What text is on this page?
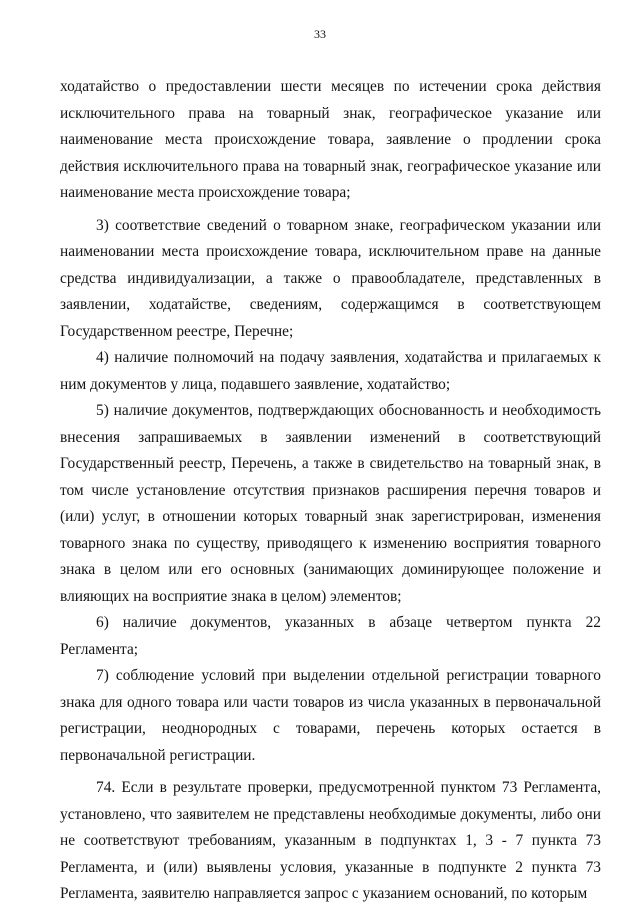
33

ходатайство о предоставлении шести месяцев по истечении срока действия исключительного права на товарный знак, географическое указание или наименование места происхождение товара, заявление о продлении срока действия исключительного права на товарный знак, географическое указание или наименование места происхождение товара;

3) соответствие сведений о товарном знаке, географическом указании или наименовании места происхождение товара, исключительном праве на данные средства индивидуализации, а также о правообладателе, представленных в заявлении, ходатайстве, сведениям, содержащимся в соответствующем Государственном реестре, Перечне;

4) наличие полномочий на подачу заявления, ходатайства и прилагаемых к ним документов у лица, подавшего заявление, ходатайство;

5) наличие документов, подтверждающих обоснованность и необходимость внесения запрашиваемых в заявлении изменений в соответствующий Государственный реестр, Перечень, а также в свидетельство на товарный знак, в том числе установление отсутствия признаков расширения перечня товаров и (или) услуг, в отношении которых товарный знак зарегистрирован, изменения товарного знака по существу, приводящего к изменению восприятия товарного знака в целом или его основных (занимающих доминирующее положение и влияющих на восприятие знака в целом) элементов;

6) наличие документов, указанных в абзаце четвертом пункта 22 Регламента;

7) соблюдение условий при выделении отдельной регистрации товарного знака для одного товара или части товаров из числа указанных в первоначальной регистрации, неоднородных с товарами, перечень которых остается в первоначальной регистрации.

74. Если в результате проверки, предусмотренной пунктом 73 Регламента, установлено, что заявителем не представлены необходимые документы, либо они не соответствуют требованиям, указанным в подпунктах 1, 3 - 7 пункта 73 Регламента, и (или) выявлены условия, указанные в подпункте 2 пункта 73 Регламента, заявителю направляется запрос с указанием оснований, по которым
